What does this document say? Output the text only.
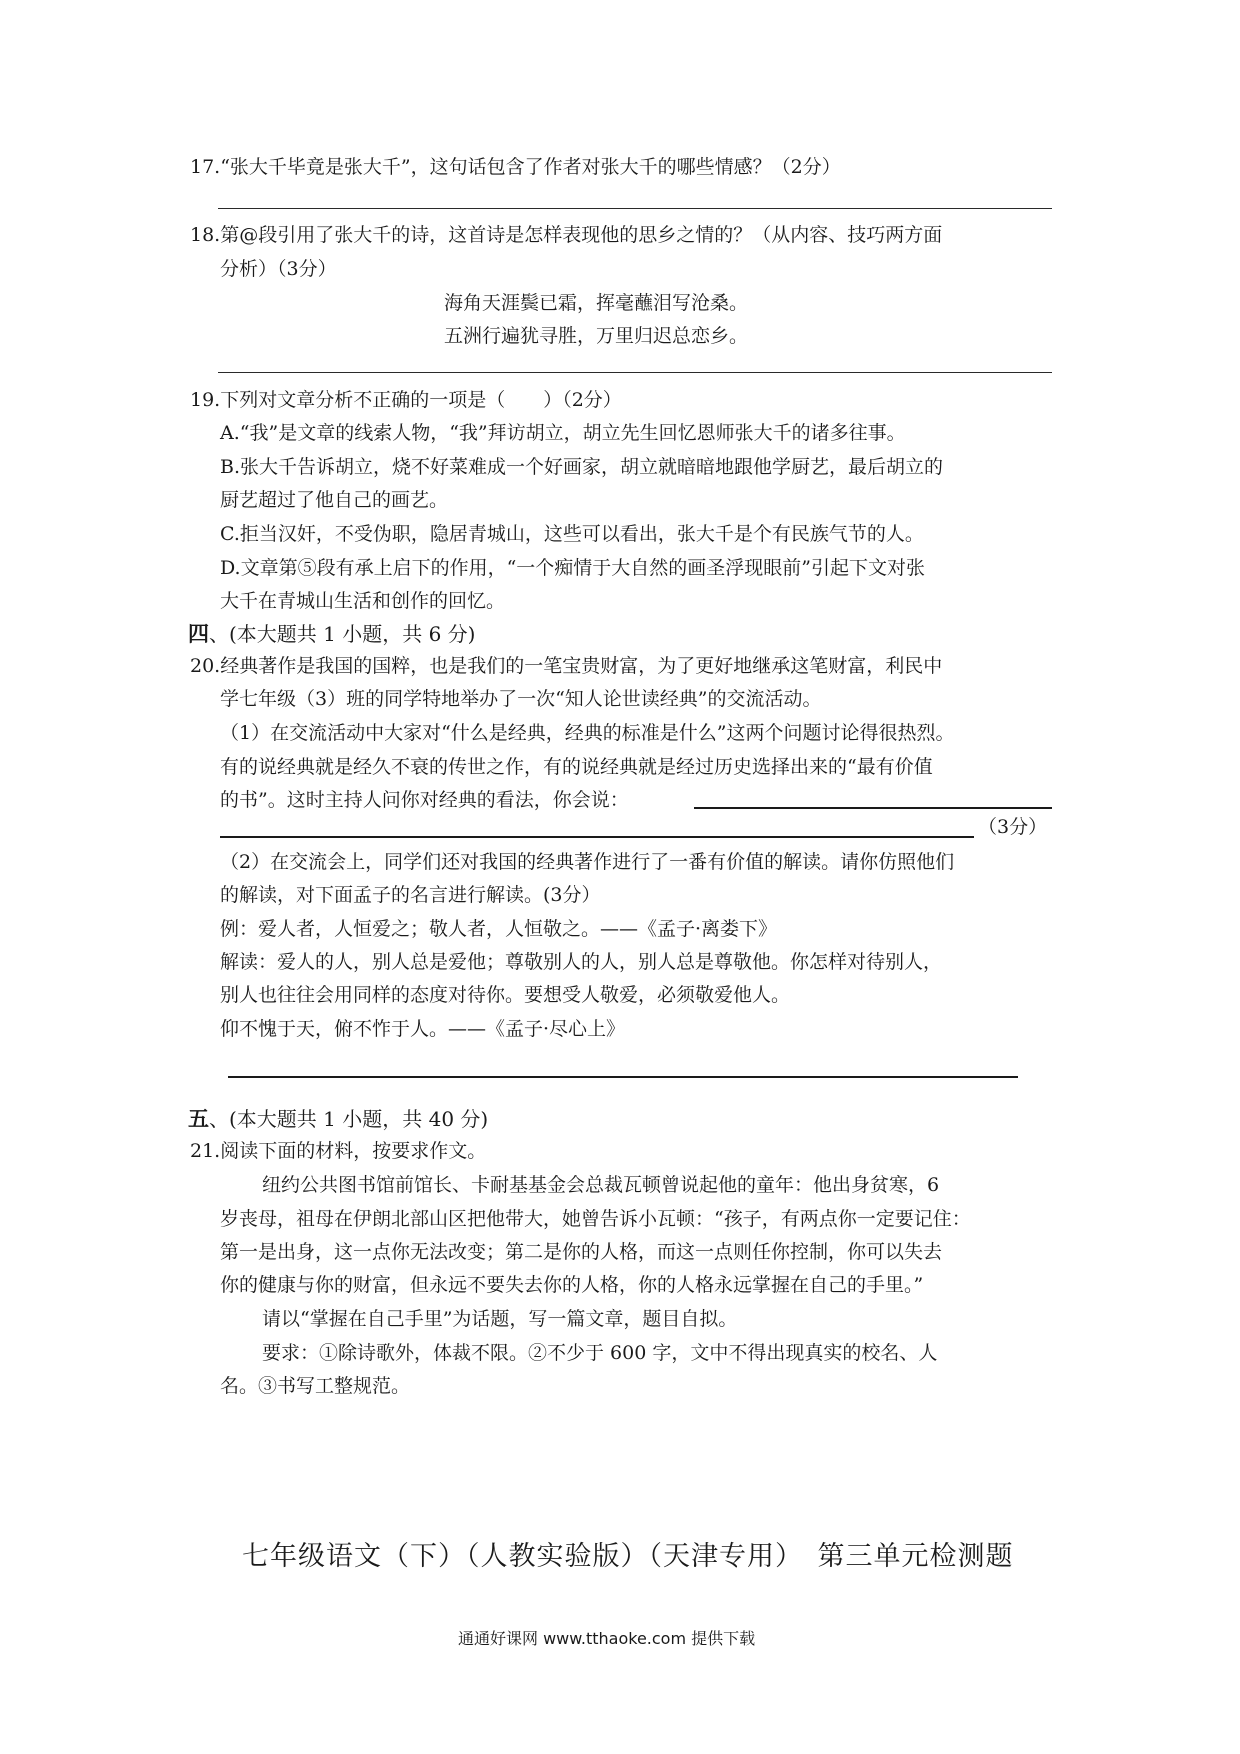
17.“张大千毕竟是张大千”，这句话包含了作者对张大千的哪些情感？（2分）
18.第@段引用了张大千的诗，这首诗是怎样表现他的思乡之情的？（从内容、技巧两方面
分析）（3分）
海角天涯鬓已霜，挥毫蘸泪写沧桑。
五洲行遍犹寻胜，万里归迟总恋乡。
19.下列对文章分析不正确的一项是（　　）（2分）
A.“我”是文章的线索人物，“我”拜访胡立，胡立先生回忆恩师张大千的诸多往事。
B.张大千告诉胡立，烧不好菜难成一个好画家，胡立就暗暗地跟他学厨艺，最后胡立的
厨艺超过了他自己的画艺。
C.拒当汉奸，不受伪职，隐居青城山，这些可以看出，张大千是个有民族气节的人。
D.文章第⑤段有承上启下的作用，“一个痴情于大自然的画圣浮现眼前”引起下文对张
大千在青城山生活和创作的回忆。
四、(本大题共 1 小题，共 6 分)
20.经典著作是我国的国粹，也是我们的一笔宝贵财富，为了更好地继承这笔财富，利民中
学七年级（3）班的同学特地举办了一次“知人论世读经典”的交流活动。
（1）在交流活动中大家对“什么是经典，经典的标准是什么”这两个问题讨论得很热烈。
有的说经典就是经久不衰的传世之作，有的说经典就是经过历史选择出来的“最有价值
的书”。这时主持人问你对经典的看法，你会说：
（3分）
（2）在交流会上，同学们还对我国的经典著作进行了一番有价值的解读。请你仿照他们
的解读，对下面孟子的名言进行解读。(3分）
例：爱人者，人恒爱之；敬人者，人恒敬之。——《孟子·离娄下》
解读：爱人的人，别人总是爱他；尊敬别人的人，别人总是尊敬他。你怎样对待别人，
别人也往往会用同样的态度对待你。要想受人敬爱，必须敬爱他人。
仰不愧于天，俯不怍于人。——《孟子·尽心上》
五、(本大题共 1 小题，共 40 分)
21.阅读下面的材料，按要求作文。
纽约公共图书馆前馆长、卡耐基基金会总裁瓦顿曾说起他的童年：他出身贫寒，6
岁丧母，祖母在伊朗北部山区把他带大，她曾告诉小瓦顿：“孩子，有两点你一定要记住：
第一是出身，这一点你无法改变；第二是你的人格，而这一点则任你控制，你可以失去
你的健康与你的财富，但永远不要失去你的人格，你的人格永远掌握在自己的手里。”
请以“掌握在自己手里”为话题，写一篇文章，题目自拟。
要求：①除诗歌外，体裁不限。②不少于 600 字，文中不得出现真实的校名、人
名。③书写工整规范。
七年级语文（下）（人教实验版）（天津专用）　第三单元检测题
通通好课网 www.tthaoke.com 提供下载
